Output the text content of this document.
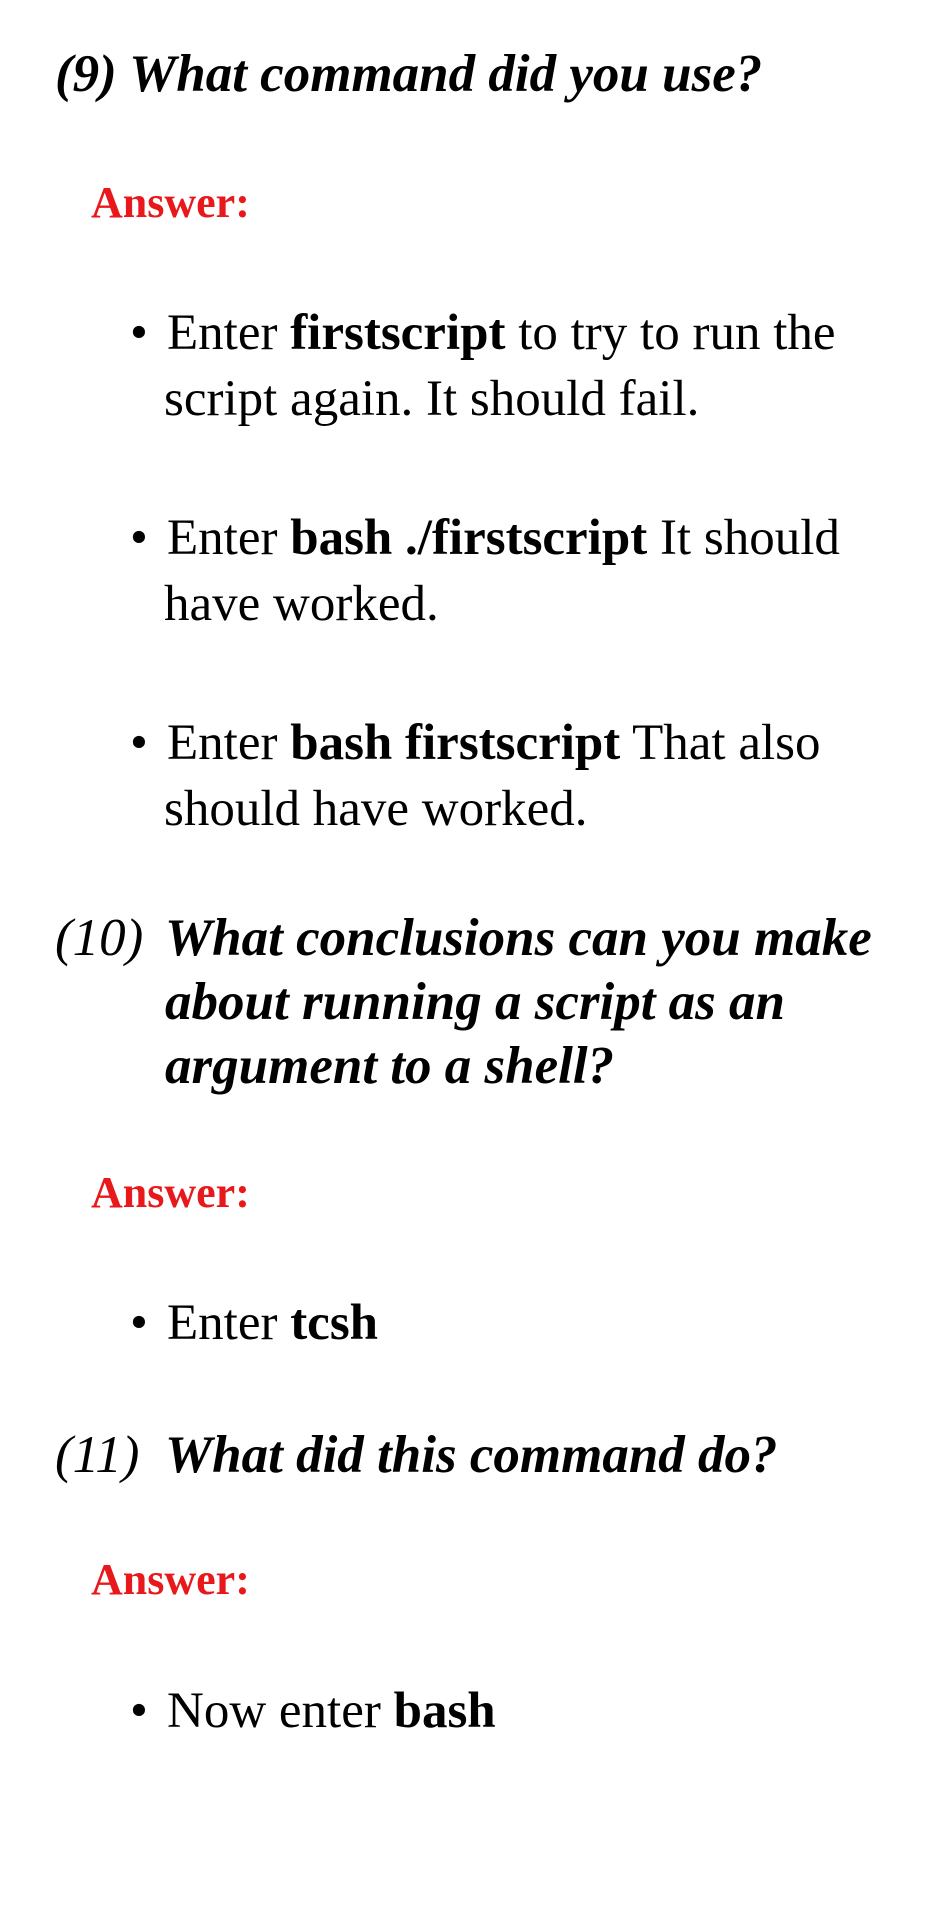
(9) What command did you use?
Answer:
• Enter firstscript to try to run the
script again. It should fail.
• Enter bash ./firstscript It should
have worked.
• Enter bash firstscript That also
should have worked.
(10) What conclusions can you make
about running a script as an
argument to a shell?
Answer:
• Enter tcsh
(11) What did this command do?
Answer:
• Now enter bash
